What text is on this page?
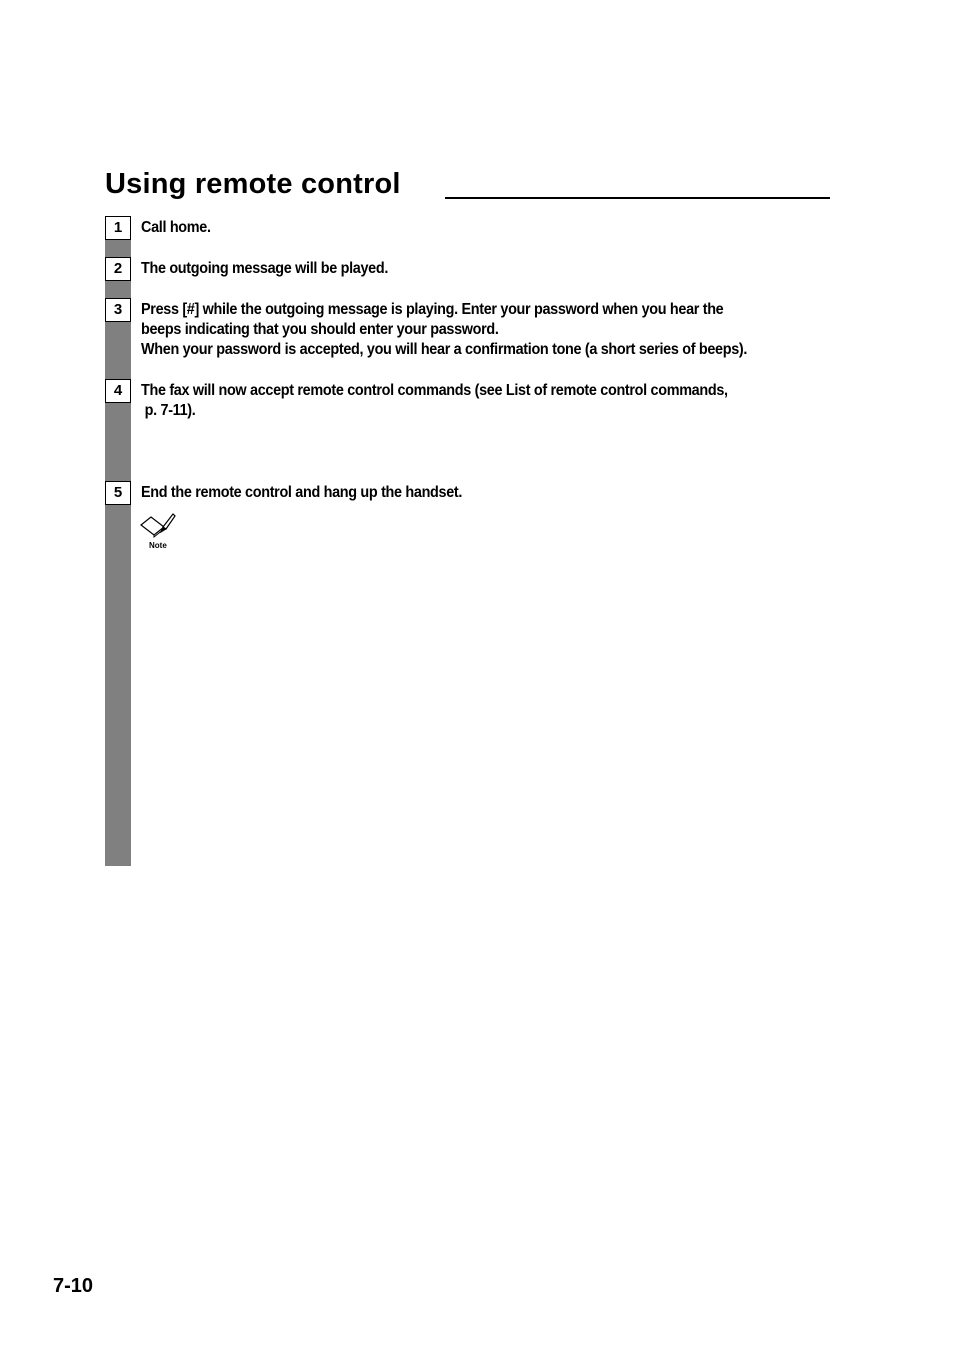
Using remote control
1	Call home.
2	The outgoing message will be played.
3	Press [#] while the outgoing message is playing. Enter your password when you hear the
beeps indicating that you should enter your password.
When your password is accepted, you will hear a confirmation tone (a short series of beeps).
4	The fax will now accept remote control commands (see List of remote control commands,
p. 7-11).
5	End the remote control and hang up the handset.
Note
7-10
